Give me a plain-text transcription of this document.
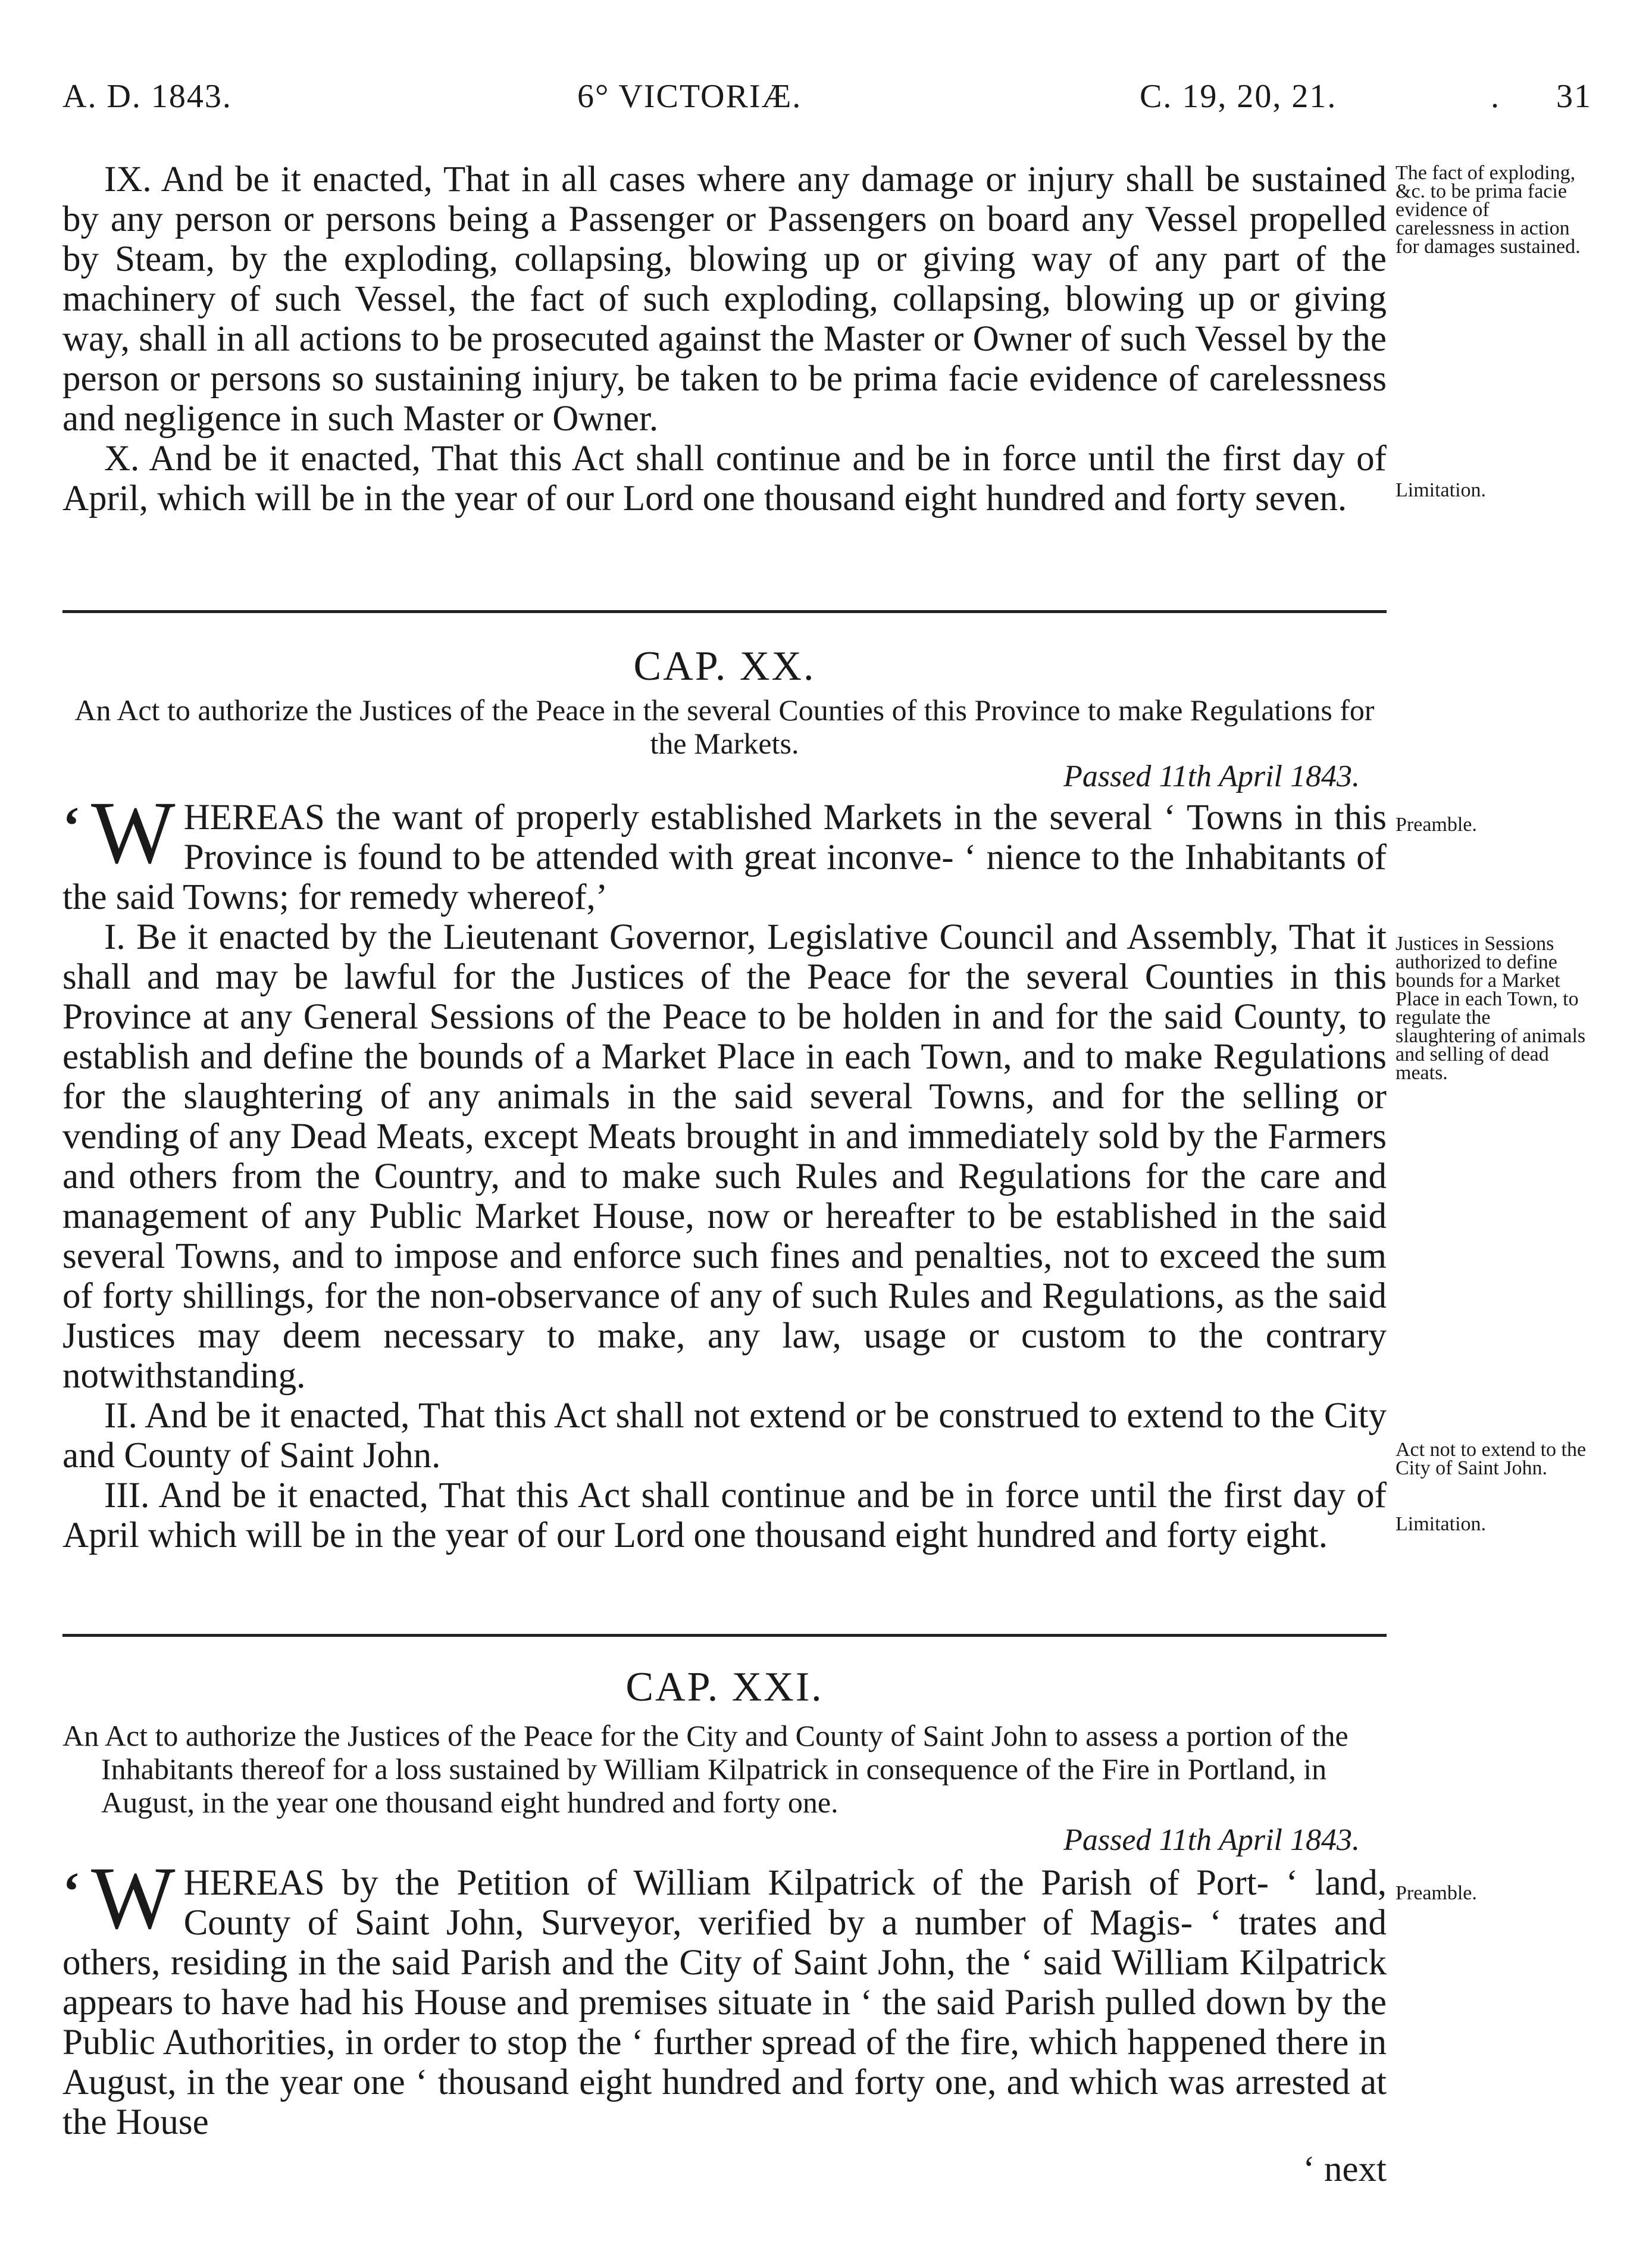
A. D. 1843.	6° VICTORIÆ.	C. 19, 20, 21.	. 31

IX. And be it enacted, That in all cases where any damage or injury shall be sustained by any person or persons being a Passenger or Passengers on board any Vessel propelled by Steam, by the exploding, collapsing, blowing up or giving way of any part of the machinery of such Vessel, the fact of such exploding, collapsing, blowing up or giving way, shall in all actions to be prosecuted against the Master or Owner of such Vessel by the person or persons so sustaining injury, be taken to be prima facie evidence of carelessness and negligence in such Master or Owner.

X. And be it enacted, That this Act shall continue and be in force until the first day of April, which will be in the year of our Lord one thousand eight hundred and forty seven.

The fact of exploding, &c. to be prima facie evidence of carelessness in action for damages sustained.
Limitation.
CAP. XX.
An Act to authorize the Justices of the Peace in the several Counties of this Province to make Regulations for the Markets.
Passed 11th April 1843.

‘ W HEREAS the want of properly established Markets in the several ‘ Towns in this Province is found to be attended with great inconve- ‘ nience to the Inhabitants of the said Towns; for remedy whereof,’

I. Be it enacted by the Lieutenant Governor, Legislative Council and Assembly, That it shall and may be lawful for the Justices of the Peace for the several Counties in this Province at any General Sessions of the Peace to be holden in and for the said County, to establish and define the bounds of a Market Place in each Town, and to make Regulations for the slaughtering of any animals in the said several Towns, and for the selling or vending of any Dead Meats, except Meats brought in and immediately sold by the Farmers and others from the Country, and to make such Rules and Regulations for the care and management of any Public Market House, now or hereafter to be established in the said several Towns, and to impose and enforce such fines and penalties, not to exceed the sum of forty shillings, for the non-observance of any of such Rules and Regulations, as the said Justices may deem necessary to make, any law, usage or custom to the contrary notwithstanding.

II. And be it enacted, That this Act shall not extend or be construed to extend to the City and County of Saint John.

III. And be it enacted, That this Act shall continue and be in force until the first day of April which will be in the year of our Lord one thousand eight hundred and forty eight.

Preamble.
Justices in Sessions authorized to define bounds for a Market Place in each Town, to regulate the slaughtering of animals and selling of dead meats.
Act not to extend to the City of Saint John.
Limitation.
CAP. XXI.
An Act to authorize the Justices of the Peace for the City and County of Saint John to assess a portion of the Inhabitants thereof for a loss sustained by William Kilpatrick in consequence of the Fire in Portland, in August, in the year one thousand eight hundred and forty one.
Passed 11th April 1843.

‘ W HEREAS by the Petition of William Kilpatrick of the Parish of Port- ‘ land, County of Saint John, Surveyor, verified by a number of Magis- ‘ trates and others, residing in the said Parish and the City of Saint John, the ‘ said William Kilpatrick appears to have had his House and premises situate in ‘ the said Parish pulled down by the Public Authorities, in order to stop the ‘ further spread of the fire, which happened there in August, in the year one ‘ thousand eight hundred and forty one, and which was arrested at the House

Preamble.
‘ next
